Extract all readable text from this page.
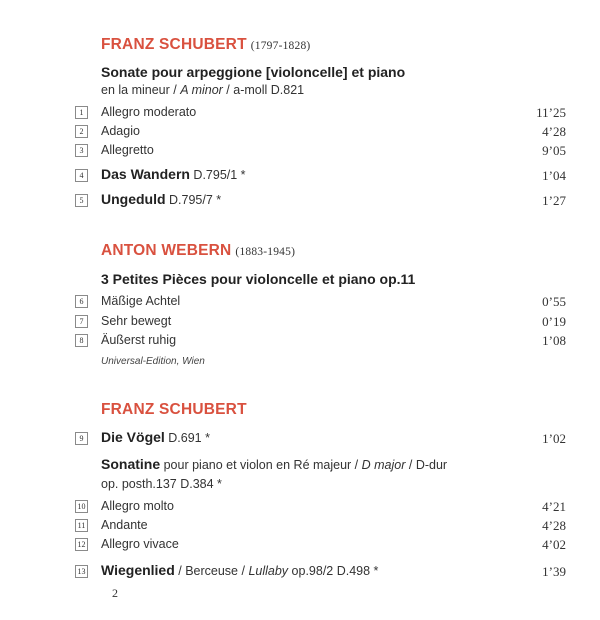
FRANZ SCHUBERT (1797-1828)
Sonate pour arpeggione [violoncelle] et piano
en la mineur / A minor / a-moll D.821
1	Allegro moderato	11’25
2	Adagio	4’28
3	Allegretto	9’05
4	Das Wandern D.795/1 *	1’04
5	Ungeduld D.795/7 *	1’27
ANTON WEBERN (1883-1945)
3 Petites Pièces pour violoncelle et piano op.11
6	Mäßige Achtel	0’55
7	Sehr bewegt	0’19
8	Äußerst ruhig	1’08
Universal-Edition, Wien
FRANZ SCHUBERT
9	Die Vögel D.691 *	1’02
Sonatine pour piano et violon en Ré majeur / D major / D-dur
op. posth.137 D.384 *
10 Allegro molto	4’21
11 Andante	4’28
12 Allegro vivace	4’02
13 Wiegenlied / Berceuse / Lullaby op.98/2 D.498 *	1’39
2
